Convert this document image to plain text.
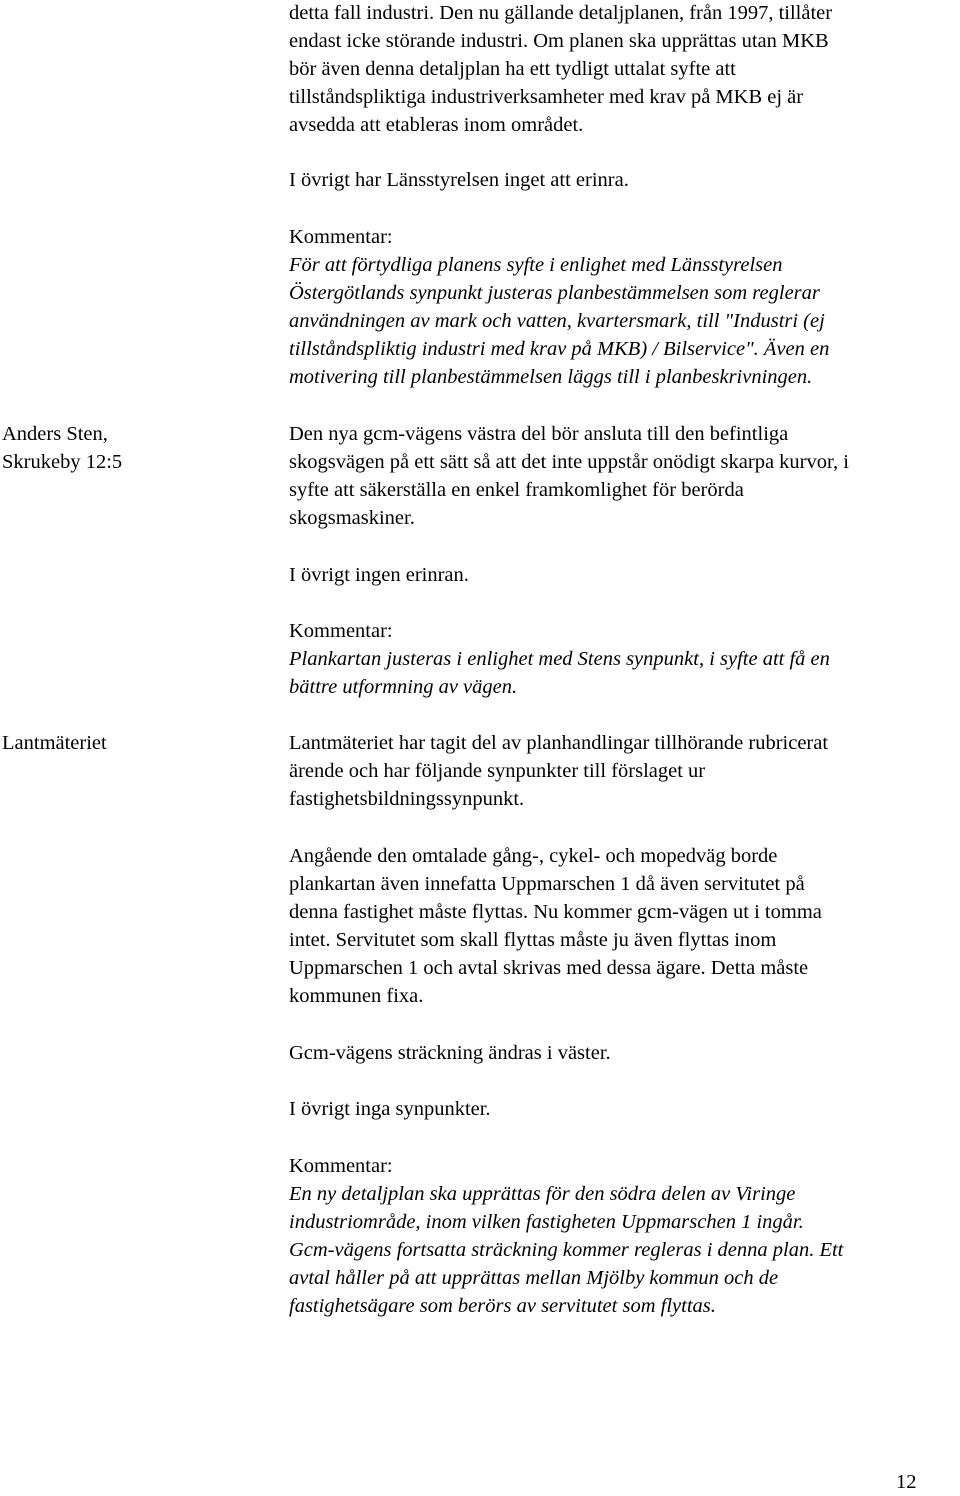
detta fall industri. Den nu gällande detaljplanen, från 1997, tillåter

endast icke störande industri. Om planen ska upprättas utan MKB

bör även denna detaljplan ha ett tydligt uttalat syfte att

tillståndspliktiga industriverksamheter med krav på MKB ej är

avsedda att etableras inom området.

I övrigt har Länsstyrelsen inget att erinra.

Kommentar:

För att förtydliga planens syfte i enlighet med Länsstyrelsen

Östergötlands synpunkt justeras planbestämmelsen som reglerar

användningen av mark och vatten, kvartersmark, till "Industri (ej

tillståndspliktig industri med krav på MKB) / Bilservice". Även en

motivering till planbestämmelsen läggs till i planbeskrivningen.

Anders Sten,

Skrukeby 12:5

Den nya gcm-vägens västra del bör ansluta till den befintliga

skogsvägen på ett sätt så att det inte uppstår onödigt skarpa kurvor, i

syfte att säkerställa en enkel framkomlighet för berörda

skogsmaskiner.

I övrigt ingen erinran.

Kommentar:

Plankartan justeras i enlighet med Stens synpunkt, i syfte att få en

bättre utformning av vägen.

Lantmäteriet	Lantmäteriet har tagit del av planhandlingar tillhörande rubricerat

ärende och har följande synpunkter till förslaget ur

fastighetsbildningssynpunkt.

Angående den omtalade gång-, cykel- och mopedväg borde

plankartan även innefatta Uppmarschen 1 då även servitutet på

denna fastighet måste flyttas. Nu kommer gcm-vägen ut i tomma

intet. Servitutet som skall flyttas måste ju även flyttas inom

Uppmarschen 1 och avtal skrivas med dessa ägare. Detta måste

kommunen fixa.

Gcm-vägens sträckning ändras i väster.

I övrigt inga synpunkter.

Kommentar:

En ny detaljplan ska upprättas för den södra delen av Viringe

industriområde, inom vilken fastigheten Uppmarschen 1 ingår.

Gcm-vägens fortsatta sträckning kommer regleras i denna plan. Ett

avtal håller på att upprättas mellan Mjölby kommun och de

fastighetsägare som berörs av servitutet som flyttas.

12
